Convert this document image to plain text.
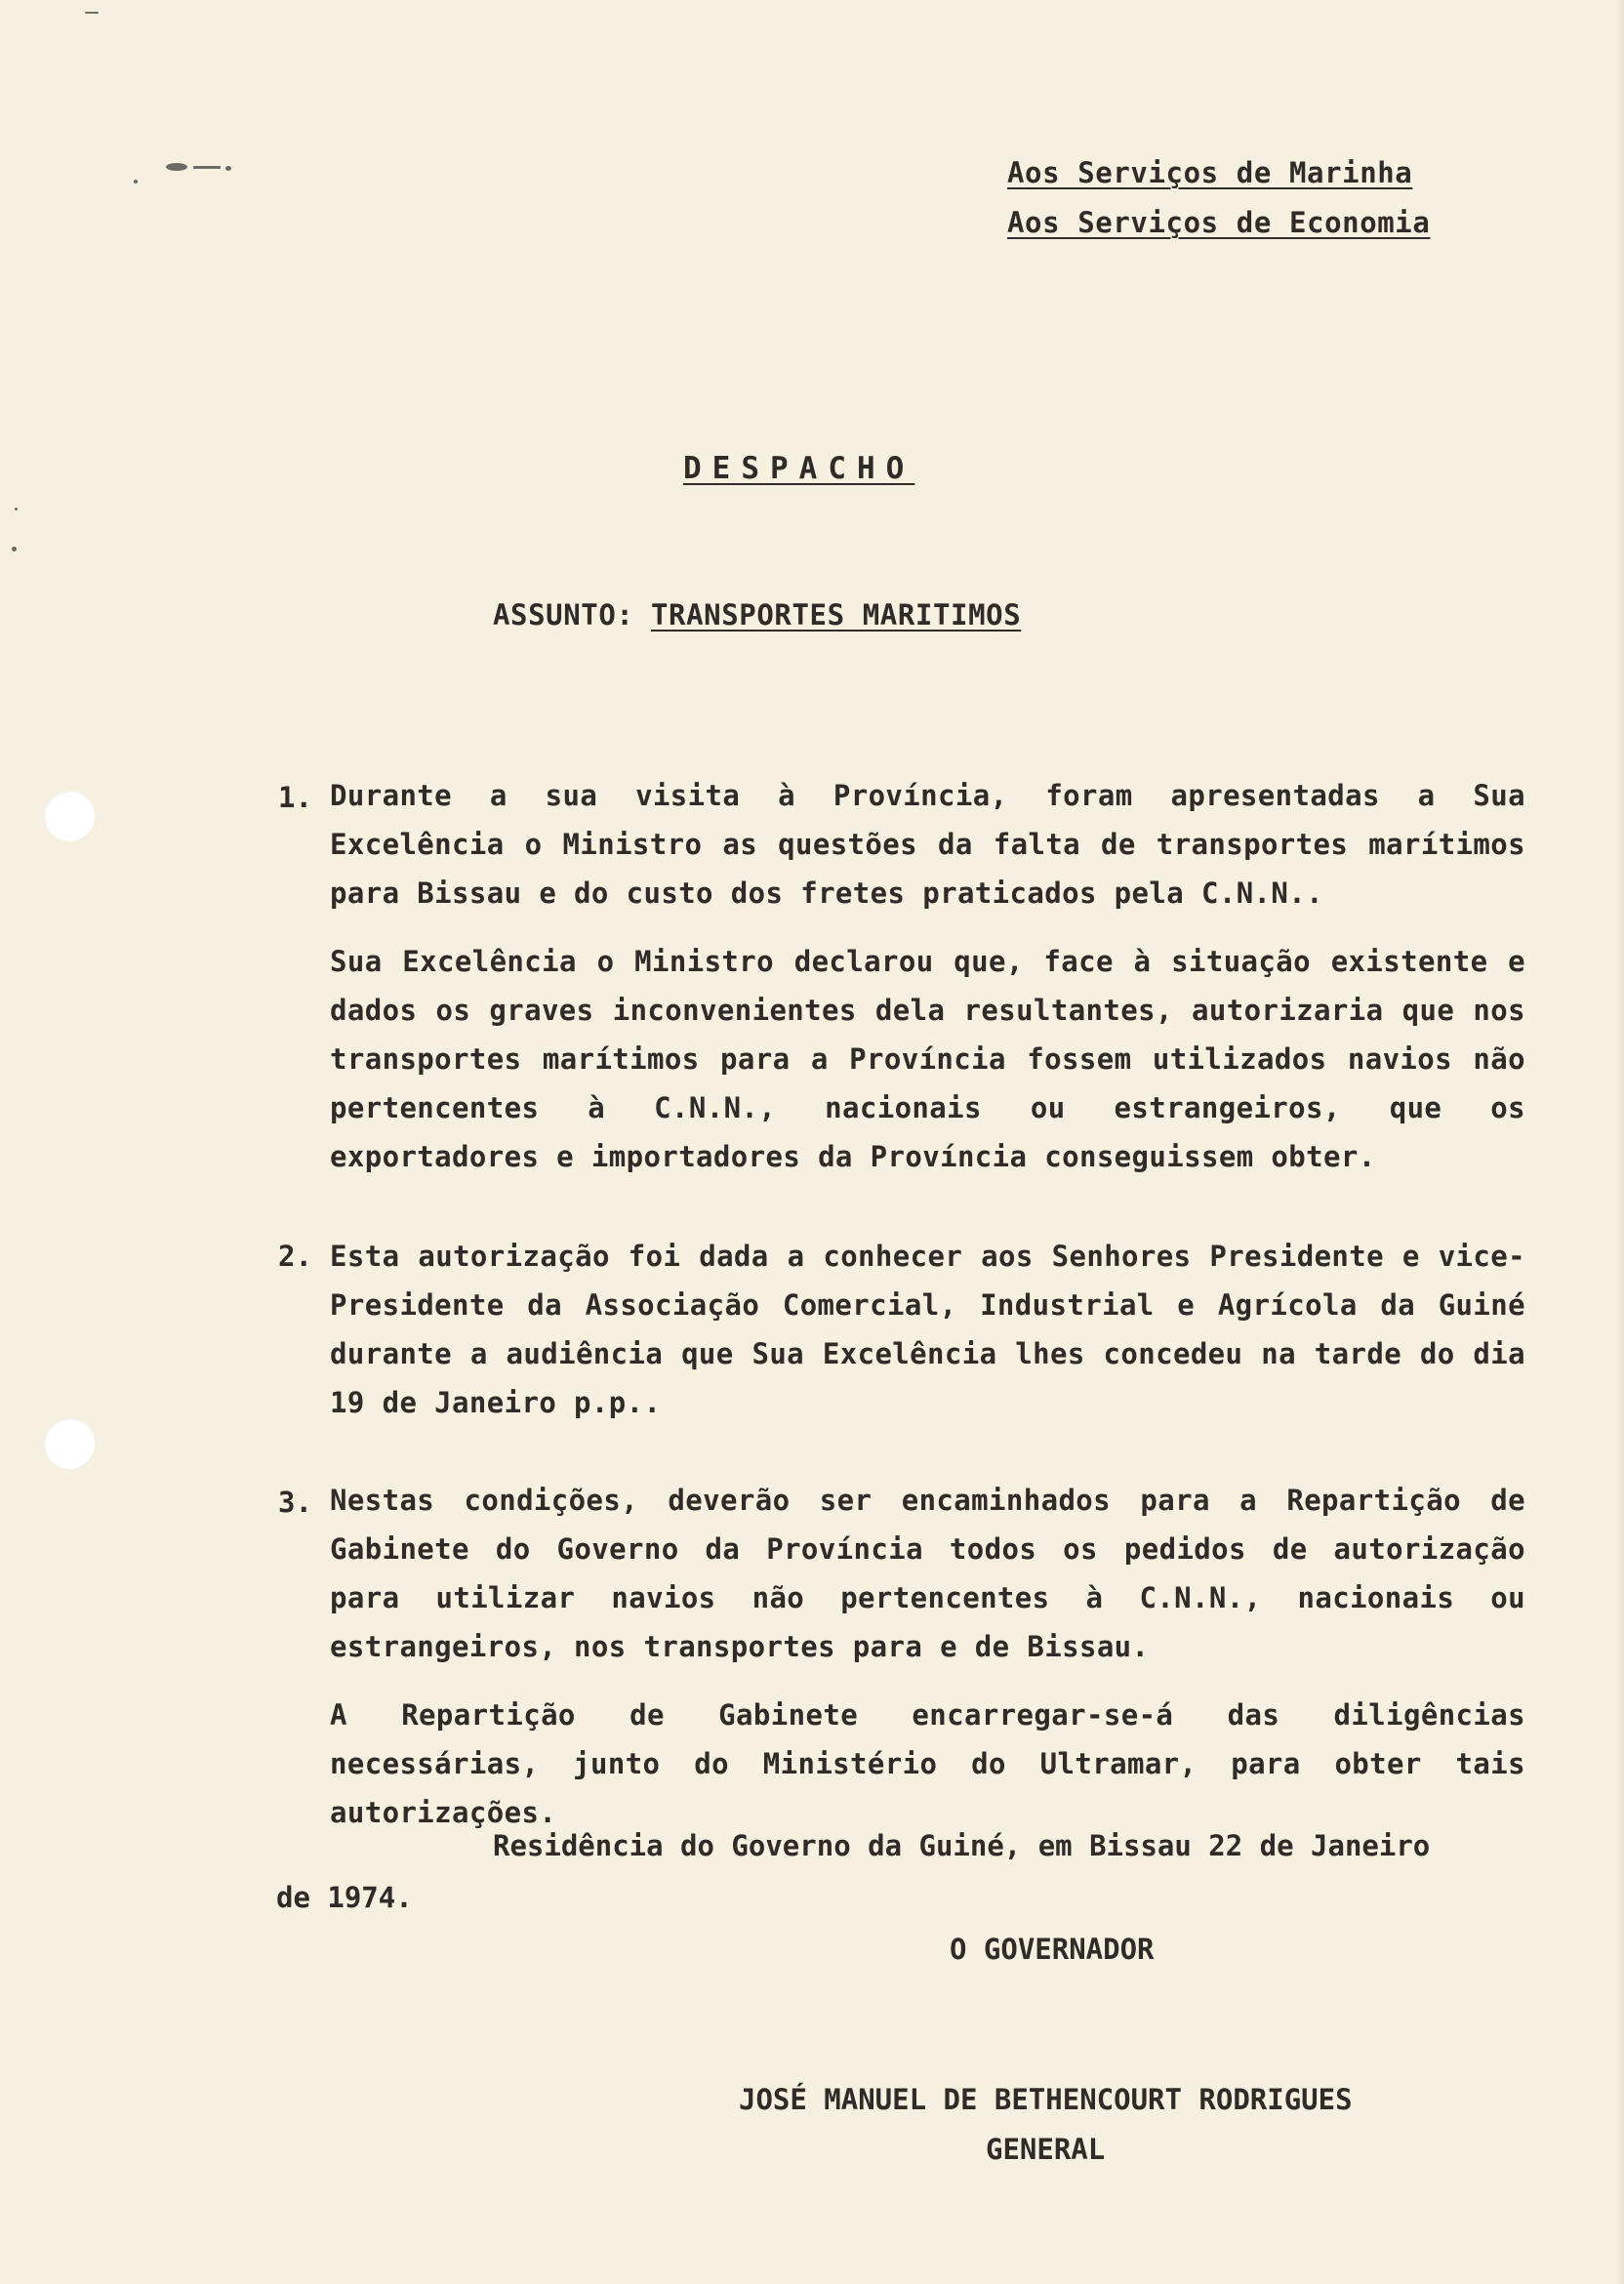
Aos Serviços de Marinha
Aos Serviços de Economia
DESPACHO
ASSUNTO: TRANSPORTES MARITIMOS
1. Durante a sua visita à Província, foram apresentadas a Sua Excelência o Ministro as questões da falta de transportes marítimos para Bissau e do custo dos fretes praticados pela C.N.N..
Sua Excelência o Ministro declarou que, face à situação existente e dados os graves inconvenientes dela resultantes, autorizaria que nos transportes marítimos para a Província fossem utilizados navios não pertencentes à C.N.N., nacionais ou estrangeiros, que os exportadores e importadores da Província conseguissem obter.
2. Esta autorização foi dada a conhecer aos Senhores Presidente e vice-Presidente da Associação Comercial, Industrial e Agrícola da Guiné durante a audiência que Sua Excelência lhes concedeu na tarde do dia 19 de Janeiro p.p..
3. Nestas condições, deverão ser encaminhados para a Repartição de Gabinete do Governo da Província todos os pedidos de autorização para utilizar navios não pertencentes à C.N.N., nacionais ou estrangeiros, nos transportes para e de Bissau.
A Repartição de Gabinete encarregar-se-á das diligências necessárias, junto do Ministério do Ultramar, para obter tais autorizações.
Residência do Governo da Guiné, em Bissau 22 de Janeiro
de 1974.
O GOVERNADOR
JOSÉ MANUEL DE BETHENCOURT RODRIGUES
GENERAL
